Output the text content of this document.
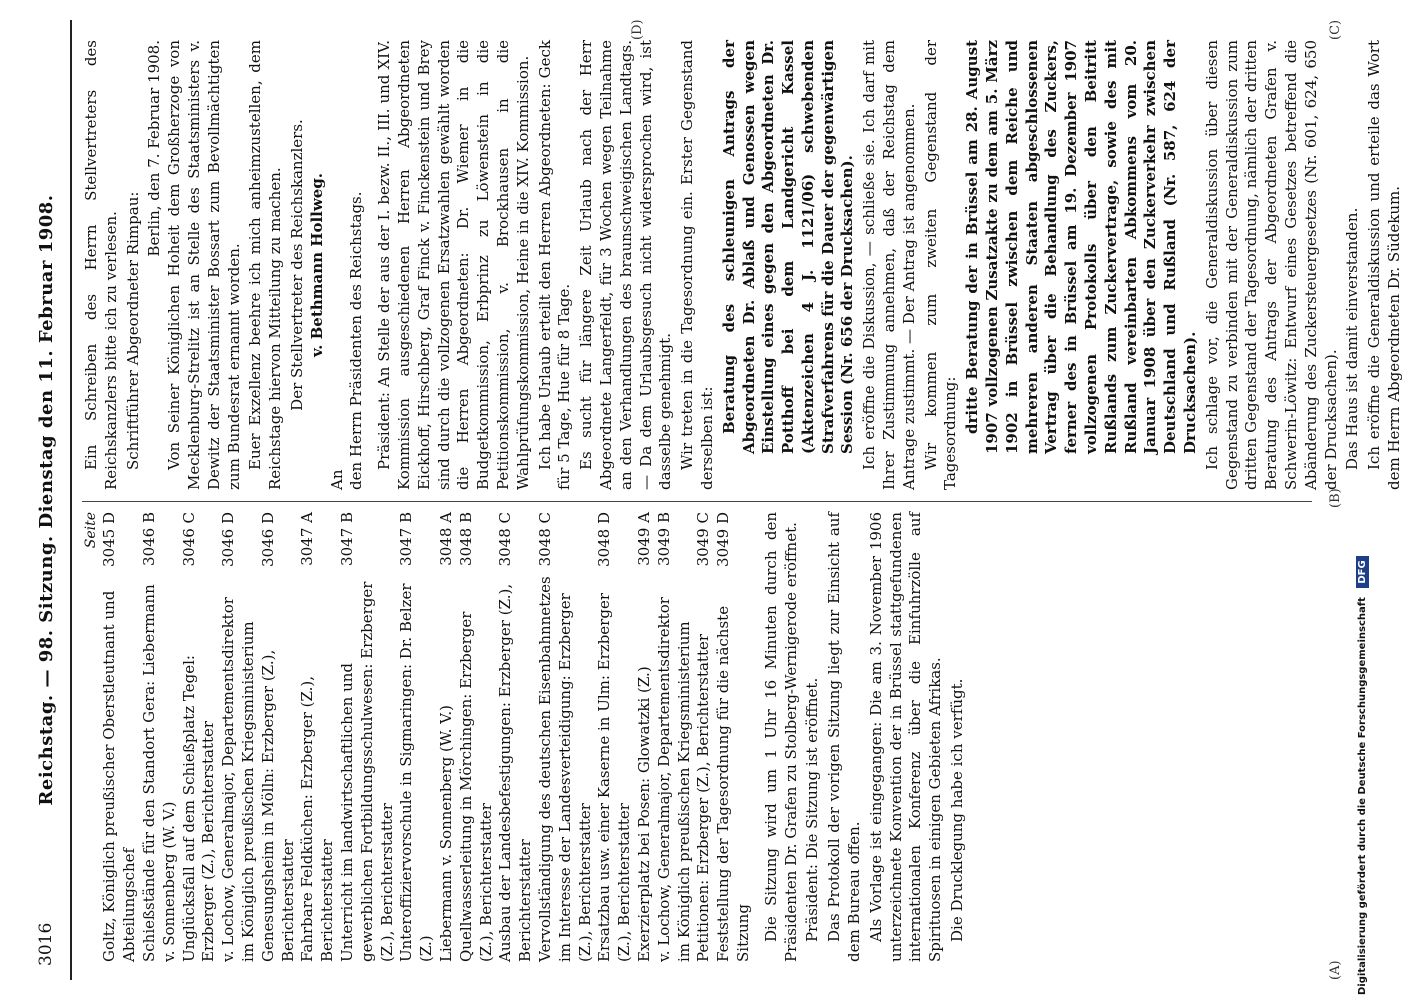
3016
Reichstag. — 98. Sitzung. Dienstag den 11. Februar 1908. Seite
Goltz, Königlich preußischer Oberstleutnant und Abteilungschef
3045 D
Schießstände für den Standort Gera: Liebermann v. Sonnenberg (W. V.)
3046 B
Unglücksfall auf dem Schießplatz Tegel: Erzberger (Z.), Berichterstatter
3046 C
v. Lochow, Generalmajor, Departementsdirektor im Königlich preußischen Kriegsministerium
3046 D
Genesungsheim in Mölln: Erzberger (Z.), Berichterstatter
3046 D
Fahrbare Feldküchen: Erzberger (Z.), Berichterstatter
3047 A
Unterricht im landwirtschaftlichen und gewerblichen Fortbildungsschulwesen: Erzberger (Z.), Berichterstatter
3047 B
Unteroffiziervorschule in Sigmaringen: Dr. Belzer (Z.)
3047 B
Liebermann v. Sonnenberg (W. V.)
3048 A
Quellwasserleitung in Mörchingen: Erzberger (Z.), Berichterstatter
3048 B
Ausbau der Landesbefestigungen: Erzberger (Z.), Berichterstatter
3048 C
Vervollständigung des deutschen Eisenbahnnetzes im Interesse der Landesverteidigung: Erzberger (Z.), Berichterstatter
3048 C
Ersatzbau usw. einer Kaserne in Ulm: Erzberger (Z.), Berichterstatter
3048 D
Exerzierplatz bei Posen: Glowatzki (Z.)
3049 A
v. Lochow, Generalmajor, Departementsdirektor im Königlich preußischen Kriegsministerium
3049 B
Petitionen: Erzberger (Z.), Berichterstatter
3049 C
Feststellung der Tagesordnung für die nächste Sitzung
3049 D Die Sitzung wird um 1 Uhr 16 Minuten durch den Präsidenten Dr. Grafen zu Stolberg-Wernigerode eröffnet. Präsident: Die Sitzung ist eröffnet. Das Protokoll der vorigen Sitzung liegt zur Einsicht auf dem Bureau offen. Als Vorlage ist eingegangen: Die am 3. November 1906 unterzeichnete Konvention der in Brüssel stattgefundenen internationalen Konferenz über die Einfuhrzölle auf Spirituosen in einigen Gebieten Afrikas. Die Drucklegung habe ich verfügt.
Ein Schreiben des Herrn Stellvertreters des Reichskanzlers bitte ich zu verlesen. Schriftführer Abgeordneter Rimpau:
Berlin, den 7. Februar 1908. Von Seiner Königlichen Hoheit dem Großherzoge von Mecklenburg-Strelitz ist an Stelle des Staatsministers v. Dewitz der Staatsminister Bossart zum Bevollmächtigten zum Bundesrat ernannt worden. Euer Exzellenz beehre ich mich anheimzustellen, dem Reichstage hiervon Mitteilung zu machen. Der Stellvertreter des Reichskanzlers. v. Bethmann Hollweg.
An den Herrn Präsidenten des Reichstags. Präsident: An Stelle der aus der I. bezw. II., III. und XIV. Kommission ausgeschiedenen Herren Abgeordneten Eickhoff, Hirschberg, Graf Finck v. Finckenstein und Brey sind durch die vollzogenen Ersatzwahlen gewählt worden die Herren Abgeordneten: Dr. Wiemer in die Budgetkommission, Erbprinz zu Löwenstein in die Petitionskommission, v. Brockhausen in die Wahlprüfungskommission, Heine in die XIV. Kommission. Ich habe Urlaub erteilt den Herren Abgeordneten: Geck für 5 Tage, Hue für 8 Tage. Es sucht für längere Zeit Urlaub nach der Herr Abgeordnete Langerfeldt, für 3 Wochen wegen Teilnahme an den Verhandlungen des braunschweigischen Landtags. — Da dem Urlaubsgesuch nicht widersprochen wird, ist dasselbe genehmigt. Wir treten in die Tagesordnung ein. Erster Gegenstand derselben ist:
Beratung des schleunigen Antrags der Abgeordneten Dr. Ablaß und Genossen wegen Einstellung eines gegen den Abgeordneten Dr. Potthoff bei dem Landgericht Kassel (Aktenzeichen 4 J. 1121/06) schwebenden Strafverfahrens für die Dauer der gegenwärtigen Session (Nr. 656 der Drucksachen). Ich eröffne die Diskussion, — schließe sie. Ich darf mit Ihrer Zustimmung annehmen, daß der Reichstag dem Antrage zustimmt. — Der Antrag ist angenommen. Wir kommen zum zweiten Gegenstand der Tagesordnung: dritte Beratung der in Brüssel am 28. August 1907 vollzogenen Zusatzakte zu dem am 5. März 1902 in Brüssel zwischen dem Reiche und mehreren anderen Staaten abgeschlossenen Vertrag über die Behandlung des Zuckers, ferner des in Brüssel am 19. Dezember 1907 vollzogenen Protokolls über den Beitritt Rußlands zum Zuckervertrage, sowie des mit Rußland vereinbarten Abkommens vom 20. Januar 1908 über den Zuckerverkehr zwischen Deutschland und Rußland (Nr. 587, 624 der Drucksachen). Ich schlage vor, die Generaldiskussion über diesen Gegenstand zu verbinden mit der Generaldiskussion zum dritten Gegenstand der Tagesordnung, nämlich der dritten Beratung des Antrags der Abgeordneten Grafen v. Schwerin-Löwitz: Entwurf eines Gesetzes betreffend die Abänderung des Zuckersteuergesetzes (Nr. 601, 624, 650 der Drucksachen). Das Haus ist damit einverstanden. Ich eröffne die Generaldiskussion und erteile das Wort dem Herrn Abgeordneten Dr. Südekum.
(A)
(B)
(C)
(D)
Digitalisierung gefördert durch die Deutsche Forschungsgemeinschaft DFG
